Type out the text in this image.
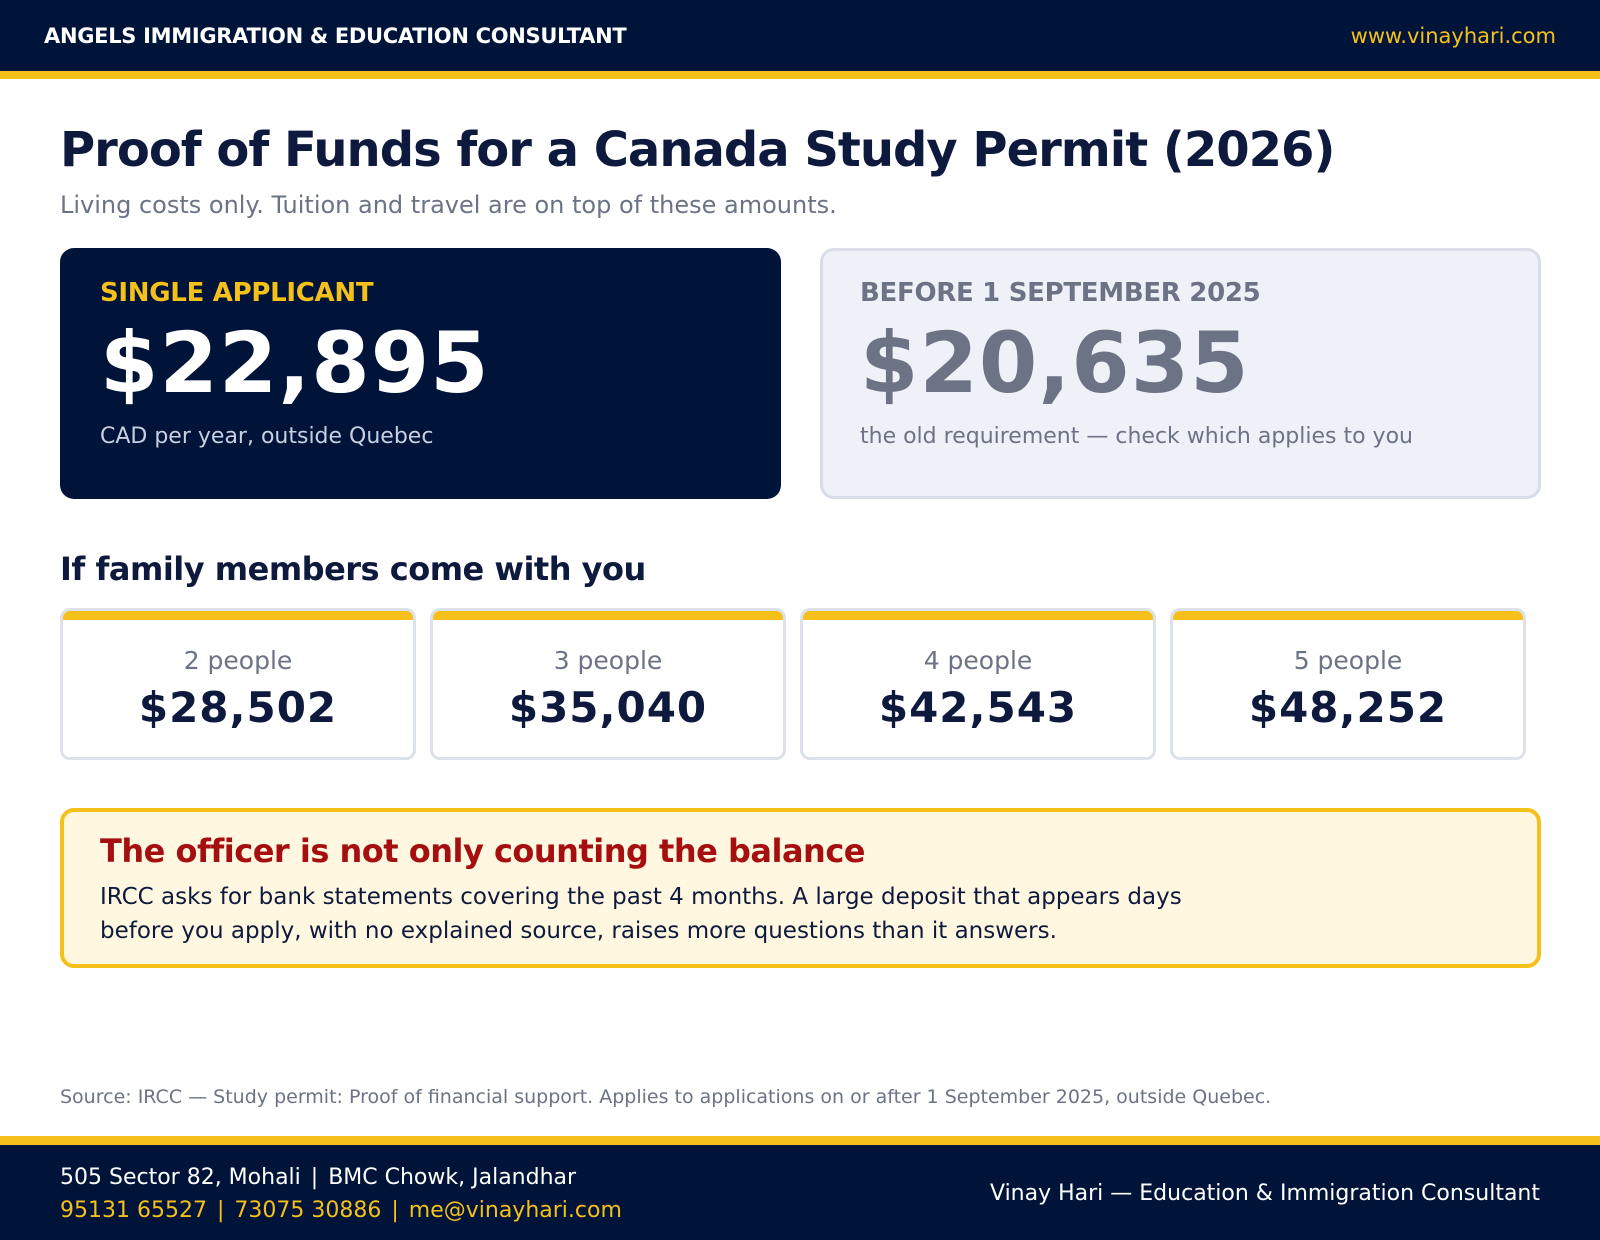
ANGELS IMMIGRATION & EDUCATION CONSULTANT	www.vinayhari.com
Proof of Funds for a Canada Study Permit (2026)

Living costs only. Tuition and travel are on top of these amounts.

SINGLE APPLICANT
$22,895
CAD per year, outside Quebec
BEFORE 1 SEPTEMBER 2025
$20,635
the old requirement — check which applies to you
If family members come with you
2 people
$28,502
3 people
$35,040
4 people
$42,543
5 people
$48,252
The officer is not only counting the balance

IRCC asks for bank statements covering the past 4 months. A large deposit that appears days before you apply, with no explained source, raises more questions than it answers.

Source: IRCC — Study permit: Proof of financial support. Applies to applications on or after 1 September 2025, outside Quebec.

505 Sector 82, Mohali | BMC Chowk, Jalandhar
95131 65527 | 73075 30886 | me@vinayhari.com
Vinay Hari — Education & Immigration Consultant
